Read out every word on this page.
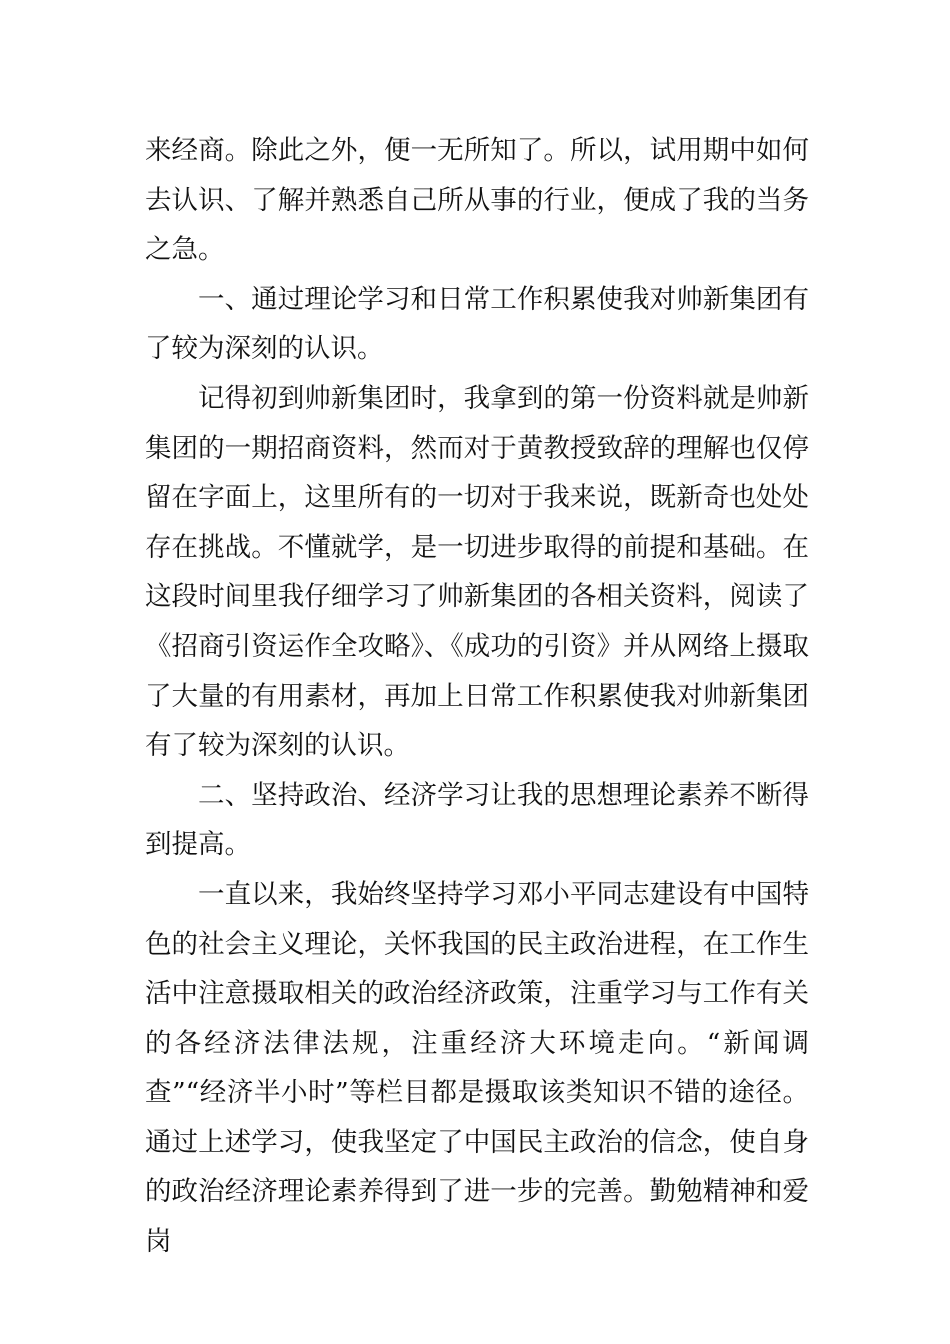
来经商。除此之外，便一无所知了。所以，试用期中如何去认识、了解并熟悉自己所从事的行业，便成了我的当务之急。

一、通过理论学习和日常工作积累使我对帅新集团有了较为深刻的认识。

记得初到帅新集团时，我拿到的第一份资料就是帅新集团的一期招商资料，然而对于黄教授致辞的理解也仅停留在字面上，这里所有的一切对于我来说，既新奇也处处存在挑战。不懂就学，是一切进步取得的前提和基础。在这段时间里我仔细学习了帅新集团的各相关资料，阅读了《招商引资运作全攻略》、《成功的引资》并从网络上摄取了大量的有用素材，再加上日常工作积累使我对帅新集团有了较为深刻的认识。

二、坚持政治、经济学习让我的思想理论素养不断得到提高。

一直以来，我始终坚持学习邓小平同志建设有中国特色的社会主义理论，关怀我国的民主政治进程，在工作生活中注意摄取相关的政治经济政策，注重学习与工作有关的各经济法律法规，注重经济大环境走向。“新闻调查”“经济半小时”等栏目都是摄取该类知识不错的途径。通过上述学习，使我坚定了中国民主政治的信念，使自身的政治经济理论素养得到了进一步的完善。勤勉精神和爱岗
